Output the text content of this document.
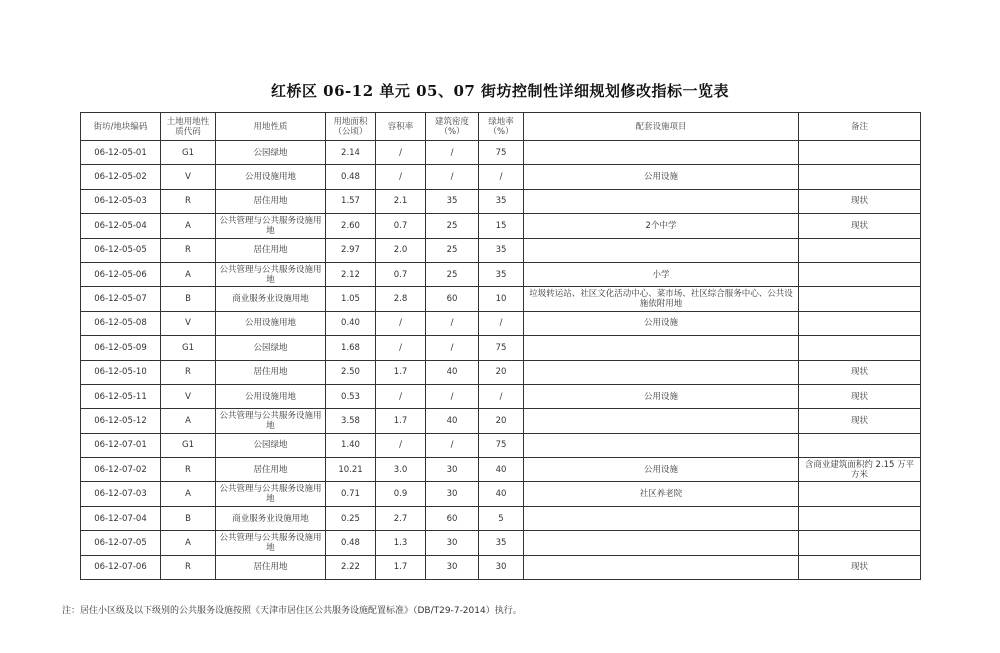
红桥区 06-12 单元 05、07 街坊控制性详细规划修改指标一览表
街坊/地块编码	土地用地性质代码	用地性质	用地面积（公顷）	容积率	建筑密度（%）	绿地率（%）	配套设施项目	备注
06-12-05-01	G1	公园绿地	2.14	/	/	75		
06-12-05-02	V	公用设施用地	0.48	/	/	/	公用设施	
06-12-05-03	R	居住用地	1.57	2.1	35	35		现状
06-12-05-04	A	公共管理与公共服务设施用地	2.60	0.7	25	15	2个中学	现状
06-12-05-05	R	居住用地	2.97	2.0	25	35		
06-12-05-06	A	公共管理与公共服务设施用地	2.12	0.7	25	35	小学	
06-12-05-07	B	商业服务业设施用地	1.05	2.8	60	10	垃圾转运站、社区文化活动中心、菜市场、社区综合服务中心、公共设施依附用地	
06-12-05-08	V	公用设施用地	0.40	/	/	/	公用设施	
06-12-05-09	G1	公园绿地	1.68	/	/	75		
06-12-05-10	R	居住用地	2.50	1.7	40	20		现状
06-12-05-11	V	公用设施用地	0.53	/	/	/	公用设施	现状
06-12-05-12	A	公共管理与公共服务设施用地	3.58	1.7	40	20		现状
06-12-07-01	G1	公园绿地	1.40	/	/	75		
06-12-07-02	R	居住用地	10.21	3.0	30	40	公用设施	含商业建筑面积约 2.15 万平方米
06-12-07-03	A	公共管理与公共服务设施用地	0.71	0.9	30	40	社区养老院	
06-12-07-04	B	商业服务业设施用地	0.25	2.7	60	5		
06-12-07-05	A	公共管理与公共服务设施用地	0.48	1.3	30	35		
06-12-07-06	R	居住用地	2.22	1.7	30	30		现状
注：居住小区级及以下级别的公共服务设施按照《天津市居住区公共服务设施配置标准》（DB/T29-7-2014）执行。
